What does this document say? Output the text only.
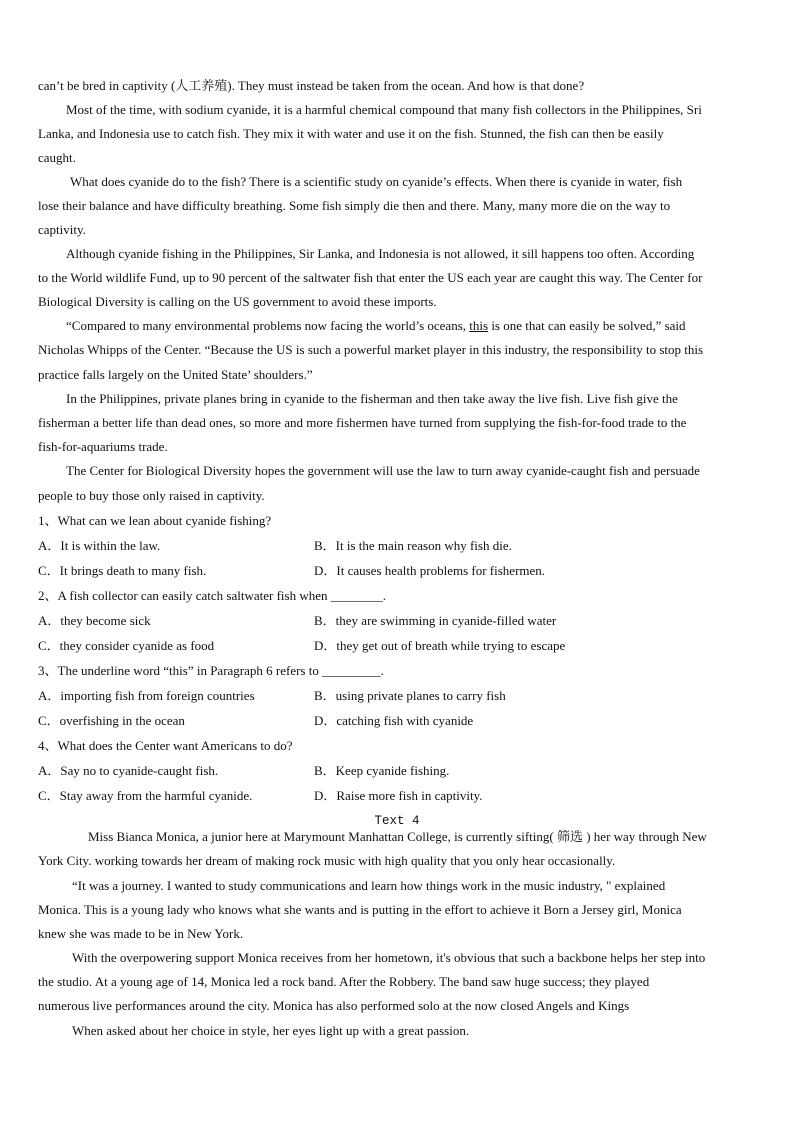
can’t be bred in captivity (人工养殖). They must instead be taken from the ocean. And how is that done?
Most of the time, with sodium cyanide, it is a harmful chemical compound that many fish collectors in the Philippines, Sri
Lanka, and Indonesia use to catch fish. They mix it with water and use it on the fish. Stunned, the fish can then be easily
caught.
What does cyanide do to the fish? There is a scientific study on cyanide’s effects. When there is cyanide in water, fish
lose their balance and have difficulty breathing. Some fish simply die then and there. Many, many more die on the way to
captivity.
Although cyanide fishing in the Philippines, Sir Lanka, and Indonesia is not allowed, it sill happens too often. According
to the World wildlife Fund, up to 90 percent of the saltwater fish that enter the US each year are caught this way. The Center for
Biological Diversity is calling on the US government to avoid these imports.
“Compared to many environmental problems now facing the world’s oceans, this is one that can easily be solved,” said
Nicholas Whipps of the Center. “Because the US is such a powerful market player in this industry, the responsibility to stop this
practice falls largely on the United State’ shoulders.”
In the Philippines, private planes bring in cyanide to the fisherman and then take away the live fish. Live fish give the
fisherman a better life than dead ones, so more and more fishermen have turned from supplying the fish-for-food trade to the
fish-for-aquariums trade.
The Center for Biological Diversity hopes the government will use the law to turn away cyanide-caught fish and persuade
people to buy those only raised in captivity.
1、What can we lean about cyanide fishing?
A．It is within the law.	B．It is the main reason why fish die.
C．It brings death to many fish.	D．It causes health problems for fishermen.
2、A fish collector can easily catch saltwater fish when ________.
A．they become sick	B．they are swimming in cyanide-filled water
C．they consider cyanide as food	D．they get out of breath while trying to escape
3、The underline word “this” in Paragraph 6 refers to _________.
A．importing fish from foreign countries	B．using private planes to carry fish
C．overfishing in the ocean	D．catching fish with cyanide
4、What does the Center want Americans to do?
A．Say no to cyanide-caught fish.	B．Keep cyanide fishing.
C．Stay away from the harmful cyanide.	D．Raise more fish in captivity.
Text 4
Miss Bianca Monica, a junior here at Marymount Manhattan College, is currently sifting( 筛选 ) her way through New
York City. working towards her dream of making rock music with high quality that you only hear occasionally.
“It was a journey. I wanted to study communications and learn how things work in the music industry, " explained
Monica. This is a young lady who knows what she wants and is putting in the effort to achieve it Born a Jersey girl, Monica
knew she was made to be in New York.
With the overpowering support Monica receives from her hometown, it's obvious that such a backbone helps her step into
the studio. At a young age of 14, Monica led a rock band. After the Robbery. The band saw huge success; they played
numerous live performances around the city. Monica has also performed solo at the now closed Angels and Kings
When asked about her choice in style, her eyes light up with a great passion.
